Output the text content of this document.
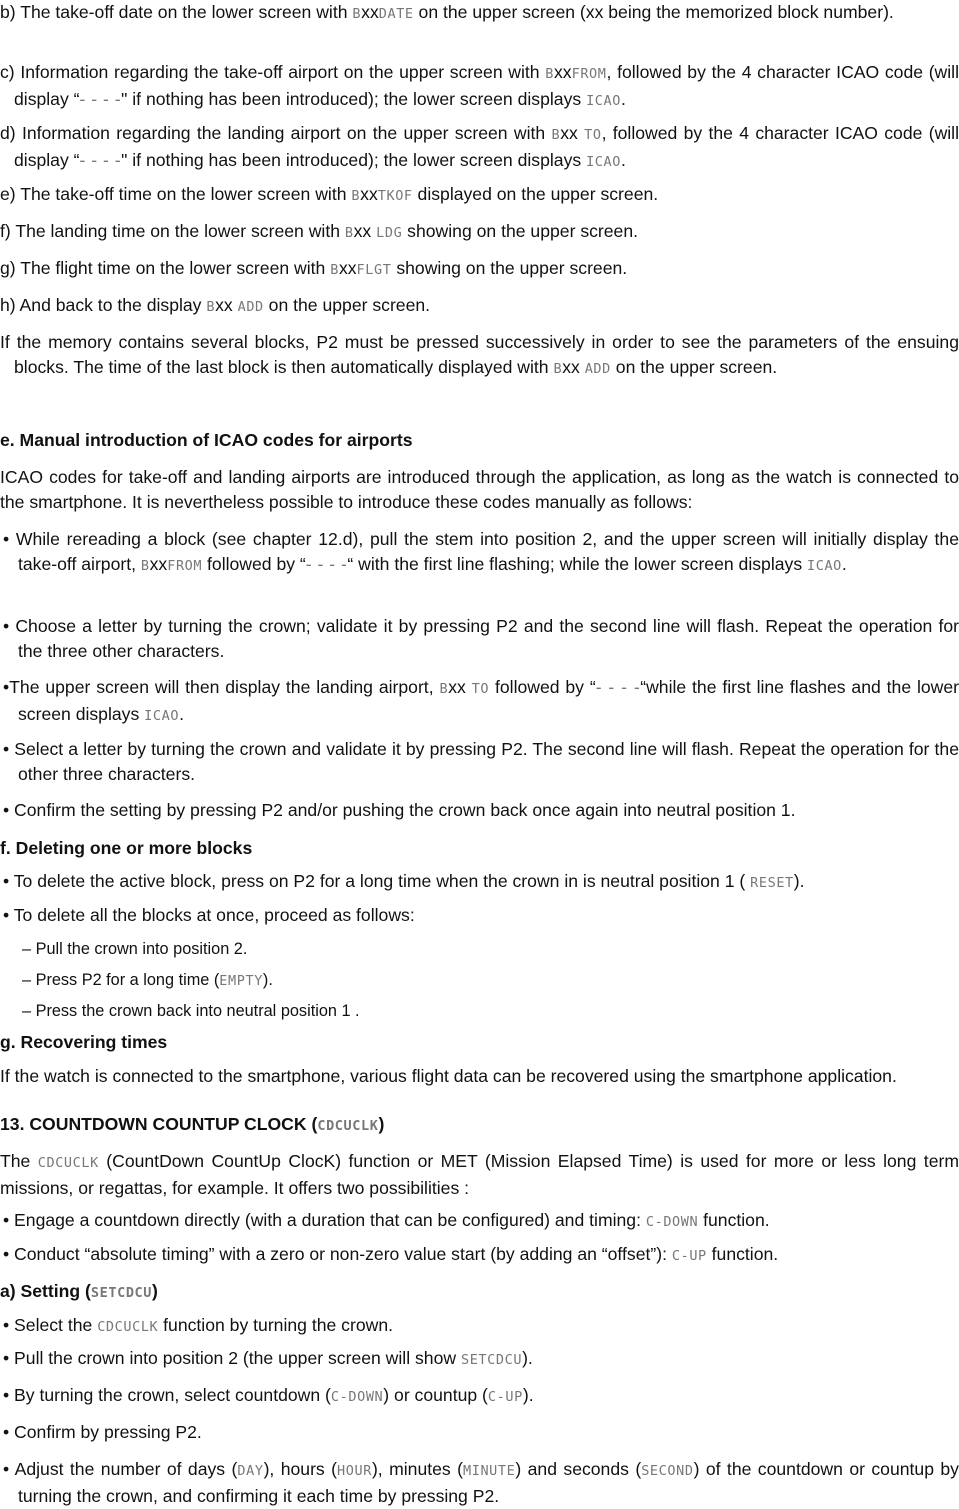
b) The take-off date on the lower screen with BxxDATE on the upper screen (xx being the memorized block number).

c) Information regarding the take-off airport on the upper screen with BxxFROM, followed by the 4 character ICAO code (will display “- - - -" if nothing has been introduced); the lower screen displays ICAO.

d) Information regarding the landing airport on the upper screen with Bxx TO, followed by the 4 character ICAO code (will display “- - - -" if nothing has been introduced); the lower screen displays ICAO.

e) The take-off time on the lower screen with BxxTKOF displayed on the upper screen.

f) The landing time on the lower screen with Bxx LDG showing on the upper screen.

g) The flight time on the lower screen with BxxFLGT showing on the upper screen.

h) And back to the display Bxx ADD on the upper screen.

If the memory contains several blocks, P2 must be pressed successively in order to see the parameters of the ensuing blocks. The time of the last block is then automatically displayed with Bxx ADD on the upper screen.

e. Manual introduction of ICAO codes for airports

ICAO codes for take-off and landing airports are introduced through the application, as long as the watch is connected to the smartphone. It is nevertheless possible to introduce these codes manually as follows:

• While rereading a block (see chapter 12.d), pull the stem into position 2, and the upper screen will initially display the take-off airport, BxxFROM followed by “- - - -“ with the first line flashing; while the lower screen displays ICAO.

• Choose a letter by turning the crown; validate it by pressing P2 and the second line will flash. Repeat the operation for the three other characters.

•The upper screen will then display the landing airport, Bxx TO followed by “- - - -“while the first line flashes and the lower screen displays ICAO.

• Select a letter by turning the crown and validate it by pressing P2. The second line will flash. Repeat the operation for the other three characters.

• Confirm the setting by pressing P2 and/or pushing the crown back once again into neutral position 1.

f. Deleting one or more blocks

• To delete the active block, press on P2 for a long time when the crown in is neutral position 1 ( RESET).

• To delete all the blocks at once, proceed as follows:

– Pull the crown into position 2.

– Press P2 for a long time (EMPTY).

– Press the crown back into neutral position 1 .

g. Recovering times

If the watch is connected to the smartphone, various flight data can be recovered using the smartphone application.

13. COUNTDOWN COUNTUP CLOCK (CDCUCLK)

The CDCUCLK (CountDown CountUp ClocK) function or MET (Mission Elapsed Time) is used for more or less long term missions, or regattas, for example. It offers two possibilities :

• Engage a countdown directly (with a duration that can be configured) and timing: C-DOWN function.

• Conduct “absolute timing” with a zero or non-zero value start (by adding an “offset”): C-UP function.

a) Setting (SETCDCU)

• Select the CDCUCLK function by turning the crown.

• Pull the crown into position 2 (the upper screen will show SETCDCU).

• By turning the crown, select countdown (C-DOWN) or countup (C-UP).

• Confirm by pressing P2.

• Adjust the number of days (DAY), hours (HOUR), minutes (MINUTE) and seconds (SECOND) of the countdown or countup by turning the crown, and confirming it each time by pressing P2.
